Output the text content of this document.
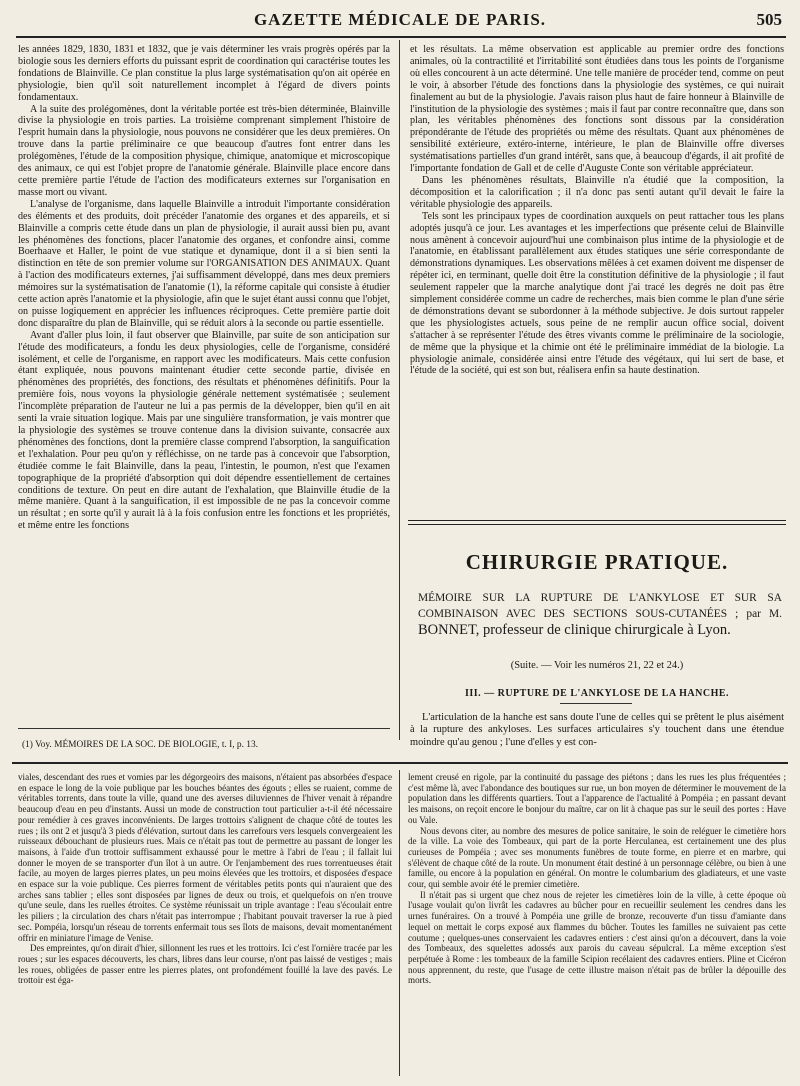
GAZETTE MÉDICALE DE PARIS.	505

les années 1829, 1830, 1831 et 1832, que je vais déterminer les vrais progrès opérés par la biologie sous les derniers efforts du puissant esprit de coordination qui caractérise toutes les fondations de Blainville. Ce plan constitue la plus large systématisation qu'on ait opérée en physiologie, bien qu'il soit naturellement incomplet à l'égard de divers points fondamentaux.

A la suite des prolégomènes, dont la véritable portée est très-bien déterminée, Blainville divise la physiologie en trois parties. La troisième comprenant simplement l'histoire de l'esprit humain dans la physiologie, nous pouvons ne considérer que les deux premières. On trouve dans la partie préliminaire ce que beaucoup d'autres font entrer dans les prolégomènes, l'étude de la composition physique, chimique, anatomique et microscopique des animaux, ce qui est l'objet propre de l'anatomie générale. Blainville place encore dans cette première partie l'étude de l'action des modificateurs externes sur l'organisation en masse mort ou vivant.

L'analyse de l'organisme, dans laquelle Blainville a introduit l'importante considération des éléments et des produits, doit précéder l'anatomie des organes et des appareils, et si Blainville a compris cette étude dans un plan de physiologie, il aurait aussi bien pu, avant les phénomènes des fonctions, placer l'anatomie des organes, et confondre ainsi, comme Boerhaave et Haller, le point de vue statique et dynamique, dont il a si bien senti la distinction en tête de son premier volume sur l'ORGANISATION DES ANIMAUX. Quant à l'action des modificateurs externes, j'ai suffisamment développé, dans mes deux premiers mémoires sur la systématisation de l'anatomie (1), la réforme capitale qui consiste à étudier cette action après l'anatomie et la physiologie, afin que le sujet étant aussi connu que l'objet, on puisse logiquement en apprécier les influences réciproques. Cette première partie doit donc disparaître du plan de Blainville, qui se réduit alors à la seconde ou partie essentielle.

Avant d'aller plus loin, il faut observer que Blainville, par suite de son anticipation sur l'étude des modificateurs, a fondu les deux physiologies, celle de l'organisme, considéré isolément, et celle de l'organisme, en rapport avec les modificateurs. Mais cette confusion étant expliquée, nous pouvons maintenant étudier cette seconde partie, divisée en phénomènes des propriétés, des fonctions, des résultats et phénomènes définitifs. Pour la première fois, nous voyons la physiologie générale nettement systématisée ; seulement l'incomplète préparation de l'auteur ne lui a pas permis de la développer, bien qu'il en ait senti la vraie situation logique. Mais par une singulière transformation, je vais montrer que la physiologie des systèmes se trouve contenue dans la division suivante, consacrée aux phénomènes des fonctions, dont la première classe comprend l'absorption, la sanguification et l'exhalation. Pour peu qu'on y réfléchisse, on ne tarde pas à concevoir que l'absorption, étudiée comme le fait Blainville, dans la peau, l'intestin, le poumon, n'est que l'examen topographique de la propriété d'absorption qui doit dépendre essentiellement de certaines conditions de texture. On peut en dire autant de l'exhalation, que Blainville étudie de la même manière. Quant à la sanguification, il est impossible de ne pas la concevoir comme un résultat ; en sorte qu'il y aurait là à la fois confusion entre les fonctions et les propriétés, et même entre les fonctions

(1) Voy. MÉMOIRES DE LA SOC. DE BIOLOGIE, t. I, p. 13.

et les résultats. La même observation est applicable au premier ordre des fonctions animales, où la contractilité et l'irritabilité sont étudiées dans tous les points de l'organisme où elles concourent à un acte déterminé. Une telle manière de procéder tend, comme on peut le voir, à absorber l'étude des fonctions dans la physiologie des systèmes, ce qui nuirait finalement au but de la physiologie. J'avais raison plus haut de faire honneur à Blainville de l'institution de la physiologie des systèmes ; mais il faut par contre reconnaître que, dans son plan, les véritables phénomènes des fonctions sont dissous par la considération prépondérante de l'étude des propriétés ou même des résultats. Quant aux phénomènes de sensibilité extérieure, extéro-interne, intérieure, le plan de Blainville offre diverses systématisations partielles d'un grand intérêt, sans que, à beaucoup d'égards, il ait profité de l'importante fondation de Gall et de celle d'Auguste Conte son véritable appréciateur.

Dans les phénomènes résultats, Blainville n'a étudié que la composition, la décomposition et la calorification ; il n'a donc pas senti autant qu'il devait le faire la véritable physiologie des appareils.

Tels sont les principaux types de coordination auxquels on peut rattacher tous les plans adoptés jusqu'à ce jour. Les avantages et les imperfections que présente celui de Blainville nous amènent à concevoir aujourd'hui une combinaison plus intime de la physiologie et de l'anatomie, en établissant parallèlement aux études statiques une série correspondante de démonstrations dynamiques. Les observations mêlées à cet examen doivent me dispenser de répéter ici, en terminant, quelle doit être la constitution définitive de la physiologie ; il faut seulement rappeler que la marche analytique dont j'ai tracé les degrés ne doit pas être simplement considérée comme un cadre de recherches, mais bien comme le plan d'une série de démonstrations devant se subordonner à la méthode subjective. Je dois surtout rappeler que les physiologistes actuels, sous peine de ne remplir aucun office social, doivent s'attacher à se représenter l'étude des êtres vivants comme le préliminaire de la sociologie, de même que la physique et la chimie ont été le préliminaire immédiat de la biologie. La physiologie animale, considérée ainsi entre l'étude des végétaux, qui lui sert de base, et l'étude de la société, qui est son but, réalisera enfin sa haute destination.

CHIRURGIE PRATIQUE.
MÉMOIRE SUR LA RUPTURE DE L'ANKYLOSE ET SUR SA COMBINAISON AVEC DES SECTIONS SOUS-CUTANÉES ; par M. BONNET, professeur de clinique chirurgicale à Lyon.
(Suite. — Voir les numéros 21, 22 et 24.)
III. — RUPTURE DE L'ANKYLOSE DE LA HANCHE.

L'articulation de la hanche est sans doute l'une de celles qui se prêtent le plus aisément à la rupture des ankyloses. Les surfaces articulaires s'y touchent dans une étendue moindre qu'au genou ; l'une d'elles y est con-

viales, descendant des rues et vomies par les dégorgeoirs des maisons, n'étaient pas absorbées d'espace en espace le long de la voie publique par les bouches béantes des égouts ; elles se ruaient, comme de véritables torrents, dans toute la ville, quand une des averses diluviennes de l'hiver venait à répandre beaucoup d'eau en peu d'instants. Aussi un mode de construction tout particulier a-t-il été nécessaire pour remédier à ces graves inconvénients. De larges trottoirs s'alignent de chaque côté de toutes les rues ; ils ont 2 et jusqu'à 3 pieds d'élévation, surtout dans les carrefours vers lesquels convergeaient les ruisseaux débouchant de plusieurs rues. Mais ce n'était pas tout de permettre au passant de longer les maisons, à l'aide d'un trottoir suffisamment exhaussé pour le mettre à l'abri de l'eau ; il fallait lui donner le moyen de se transporter d'un îlot à un autre. Or l'enjambement des rues torrentueuses était facile, au moyen de larges pierres plates, un peu moins élevées que les trottoirs, et disposées d'espace en espace sur la voie publique. Ces pierres forment de véritables petits ponts qui n'auraient que des arches sans tablier ; elles sont disposées par lignes de deux ou trois, et quelquefois on n'en trouve qu'une seule, dans les ruelles étroites. Ce système réunissait un triple avantage : l'eau s'écoulait entre les piliers ; la circulation des chars n'était pas interrompue ; l'habitant pouvait traverser la rue à pied sec. Pompéia, lorsqu'un réseau de torrents enfermait tous ses îlots de maisons, devait momentanément offrir en miniature l'image de Venise.

Des empreintes, qu'on dirait d'hier, sillonnent les rues et les trottoirs. Ici c'est l'ornière tracée par les roues ; sur les espaces découverts, les chars, libres dans leur course, n'ont pas laissé de vestiges ; mais les roues, obligées de passer entre les pierres plates, ont profondément fouillé la lave des pavés. Le trottoir est éga-

lement creusé en rigole, par la continuité du passage des piétons ; dans les rues les plus fréquentées ; c'est même là, avec l'abondance des boutiques sur rue, un bon moyen de déterminer le mouvement de la population dans les différents quartiers. Tout a l'apparence de l'actualité à Pompéia ; en passant devant les maisons, on reçoit encore le bonjour du maître, car on lit à chaque pas sur le seuil des portes : Have ou Vale.

Nous devons citer, au nombre des mesures de police sanitaire, le soin de reléguer le cimetière hors de la ville. La voie des Tombeaux, qui part de la porte Herculanea, est certainement une des plus curieuses de Pompéia ; avec ses monuments funèbres de toute forme, en pierre et en marbre, qui s'élèvent de chaque côté de la route. Un monument était destiné à un personnage célèbre, ou bien à une famille, ou encore à la population en général. On montre le columbarium des gladiateurs, et une vaste cour, qui semble avoir été le premier cimetière.

Il n'était pas si urgent que chez nous de rejeter les cimetières loin de la ville, à cette époque où l'usage voulait qu'on livrât les cadavres au bûcher pour en recueillir seulement les cendres dans les urnes funéraires. On a trouvé à Pompéia une grille de bronze, recouverte d'un tissu d'amiante dans lequel on mettait le corps exposé aux flammes du bûcher. Toutes les familles ne suivaient pas cette coutume ; quelques-unes conservaient les cadavres entiers : c'est ainsi qu'on a découvert, dans la voie des Tombeaux, des squelettes adossés aux parois du caveau sépulcral. La même exception s'est perpétuée à Rome : les tombeaux de la famille Scipion recélaient des cadavres entiers. Pline et Cicéron nous apprennent, du reste, que l'usage de cette illustre maison n'était pas de brûler la dépouille des morts.
